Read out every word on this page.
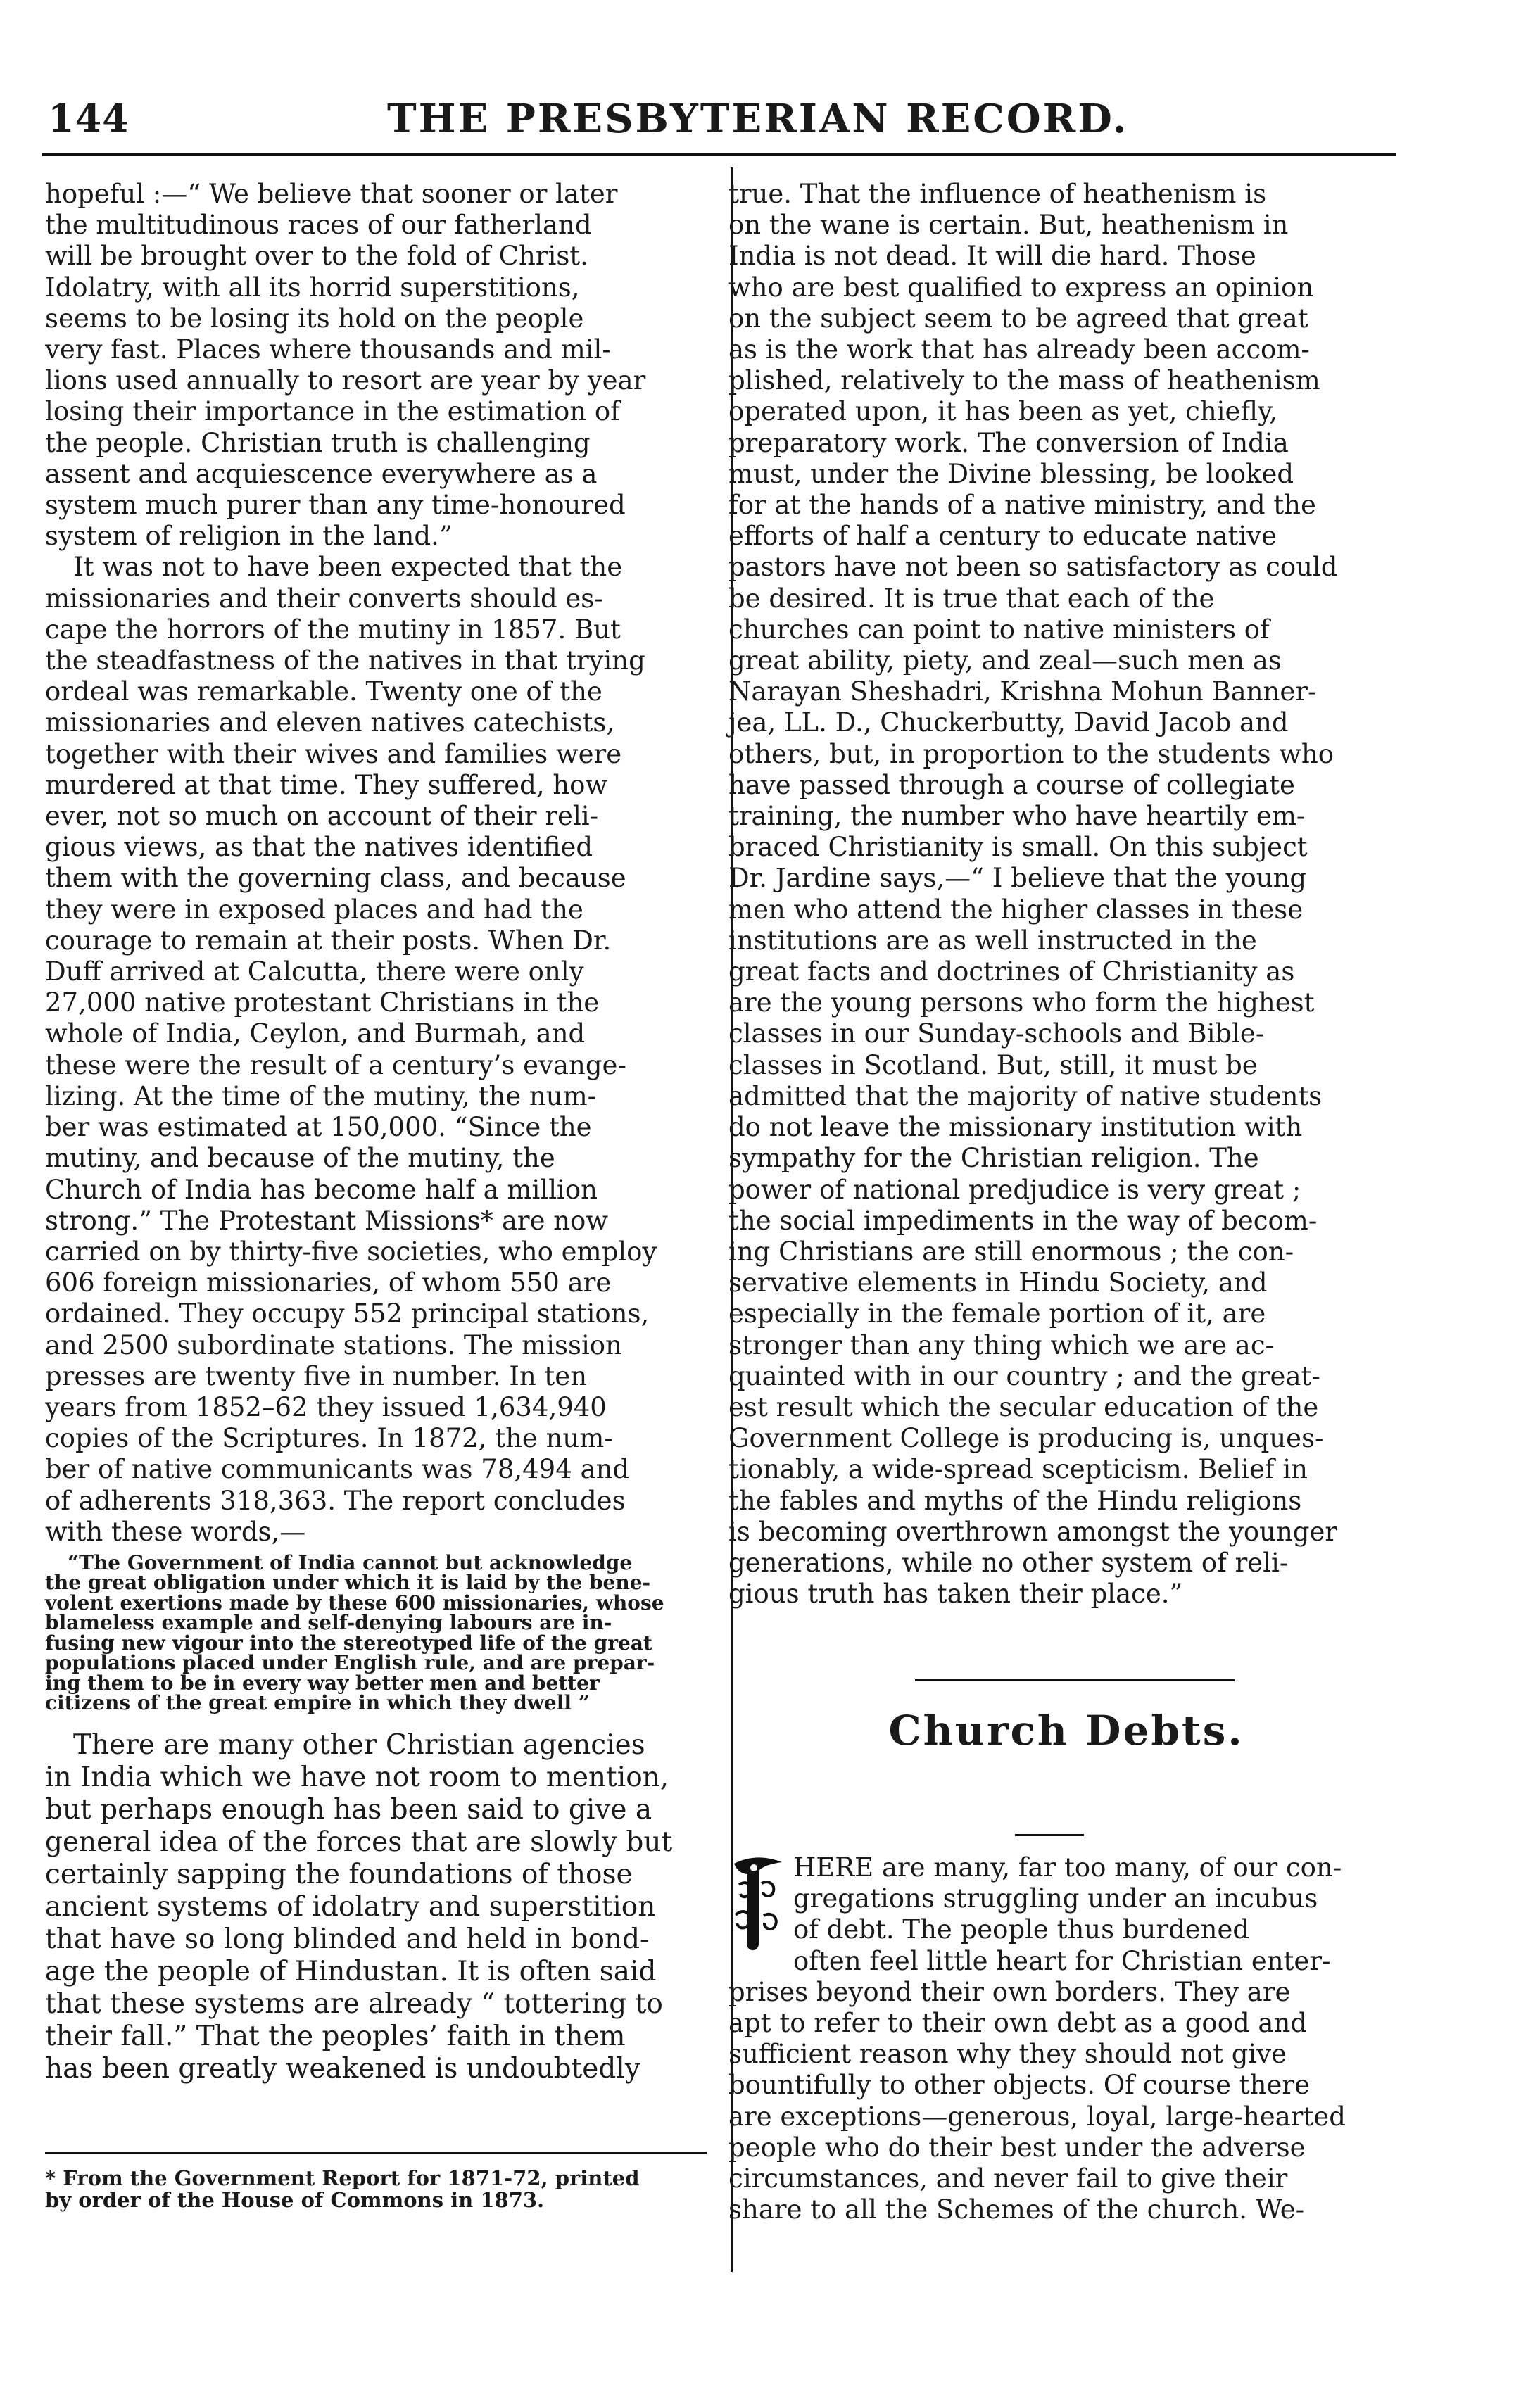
144	THE PRESBYTERIAN RECORD.

hopeful :—“ We believe that sooner or later
the multitudinous races of our fatherland
will be brought over to the fold of Christ.
Idolatry, with all its horrid superstitions,
seems to be losing its hold on the people
very fast. Places where thousands and mil-
lions used annually to resort are year by year
losing their importance in the estimation of
the people. Christian truth is challenging
assent and acquiescence everywhere as a
system much purer than any time-honoured
system of religion in the land.”

It was not to have been expected that the
missionaries and their converts should es-
cape the horrors of the mutiny in 1857. But
the steadfastness of the natives in that trying
ordeal was remarkable. Twenty one of the
missionaries and eleven natives catechists,
together with their wives and families were
murdered at that time. They suffered, how
ever, not so much on account of their reli-
gious views, as that the natives identified
them with the governing class, and because
they were in exposed places and had the
courage to remain at their posts. When Dr.
Duff arrived at Calcutta, there were only
27,000 native protestant Christians in the
whole of India, Ceylon, and Burmah, and
these were the result of a century’s evange-
lizing. At the time of the mutiny, the num-
ber was estimated at 150,000. “Since the
mutiny, and because of the mutiny, the
Church of India has become half a million
strong.” The Protestant Missions* are now
carried on by thirty-five societies, who employ
606 foreign missionaries, of whom 550 are
ordained. They occupy 552 principal stations,
and 2500 subordinate stations. The mission
presses are twenty five in number. In ten
years from 1852–62 they issued 1,634,940
copies of the Scriptures. In 1872, the num-
ber of native communicants was 78,494 and
of adherents 318,363. The report concludes
with these words,—

“The Government of India cannot but acknowledge
the great obligation under which it is laid by the bene-
volent exertions made by these 600 missionaries, whose
blameless example and self-denying labours are in-
fusing new vigour into the stereotyped life of the great
populations placed under English rule, and are prepar-
ing them to be in every way better men and better
citizens of the great empire in which they dwell ”

There are many other Christian agencies
in India which we have not room to mention,
but perhaps enough has been said to give a
general idea of the forces that are slowly but
certainly sapping the foundations of those
ancient systems of idolatry and superstition
that have so long blinded and held in bond-
age the people of Hindustan. It is often said
that these systems are already “ tottering to
their fall.” That the peoples’ faith in them
has been greatly weakened is undoubtedly

* From the Government Report for 1871-72, printed
by order of the House of Commons in 1873.

true. That the influence of heathenism is
on the wane is certain. But, heathenism in
India is not dead. It will die hard. Those
who are best qualified to express an opinion
on the subject seem to be agreed that great
as is the work that has already been accom-
plished, relatively to the mass of heathenism
operated upon, it has been as yet, chiefly,
preparatory work. The conversion of India
must, under the Divine blessing, be looked
for at the hands of a native ministry, and the
efforts of half a century to educate native
pastors have not been so satisfactory as could
be desired. It is true that each of the
churches can point to native ministers of
great ability, piety, and zeal—such men as
Narayan Sheshadri, Krishna Mohun Banner-
jea, LL. D., Chuckerbutty, David Jacob and
others, but, in proportion to the students who
have passed through a course of collegiate
training, the number who have heartily em-
braced Christianity is small. On this subject
Dr. Jardine says,—“ I believe that the young
men who attend the higher classes in these
institutions are as well instructed in the
great facts and doctrines of Christianity as
are the young persons who form the highest
classes in our Sunday-schools and Bible-
classes in Scotland. But, still, it must be
admitted that the majority of native students
do not leave the missionary institution with
sympathy for the Christian religion. The
power of national predjudice is very great ;
the social impediments in the way of becom-
ing Christians are still enormous ; the con-
servative elements in Hindu Society, and
especially in the female portion of it, are
stronger than any thing which we are ac-
quainted with in our country ; and the great-
est result which the secular education of the
Government College is producing is, unques-
tionably, a wide-spread scepticism. Belief in
the fables and myths of the Hindu religions
is becoming overthrown amongst the younger
generations, while no other system of reli-
gious truth has taken their place.”

Church Debts.

HERE are many, far too many, of our con-
gregations struggling under an incubus
of debt. The people thus burdened
often feel little heart for Christian enter-
prises beyond their own borders. They are
apt to refer to their own debt as a good and
sufficient reason why they should not give
bountifully to other objects. Of course there
are exceptions—generous, loyal, large-hearted
people who do their best under the adverse
circumstances, and never fail to give their
share to all the Schemes of the church. We-
